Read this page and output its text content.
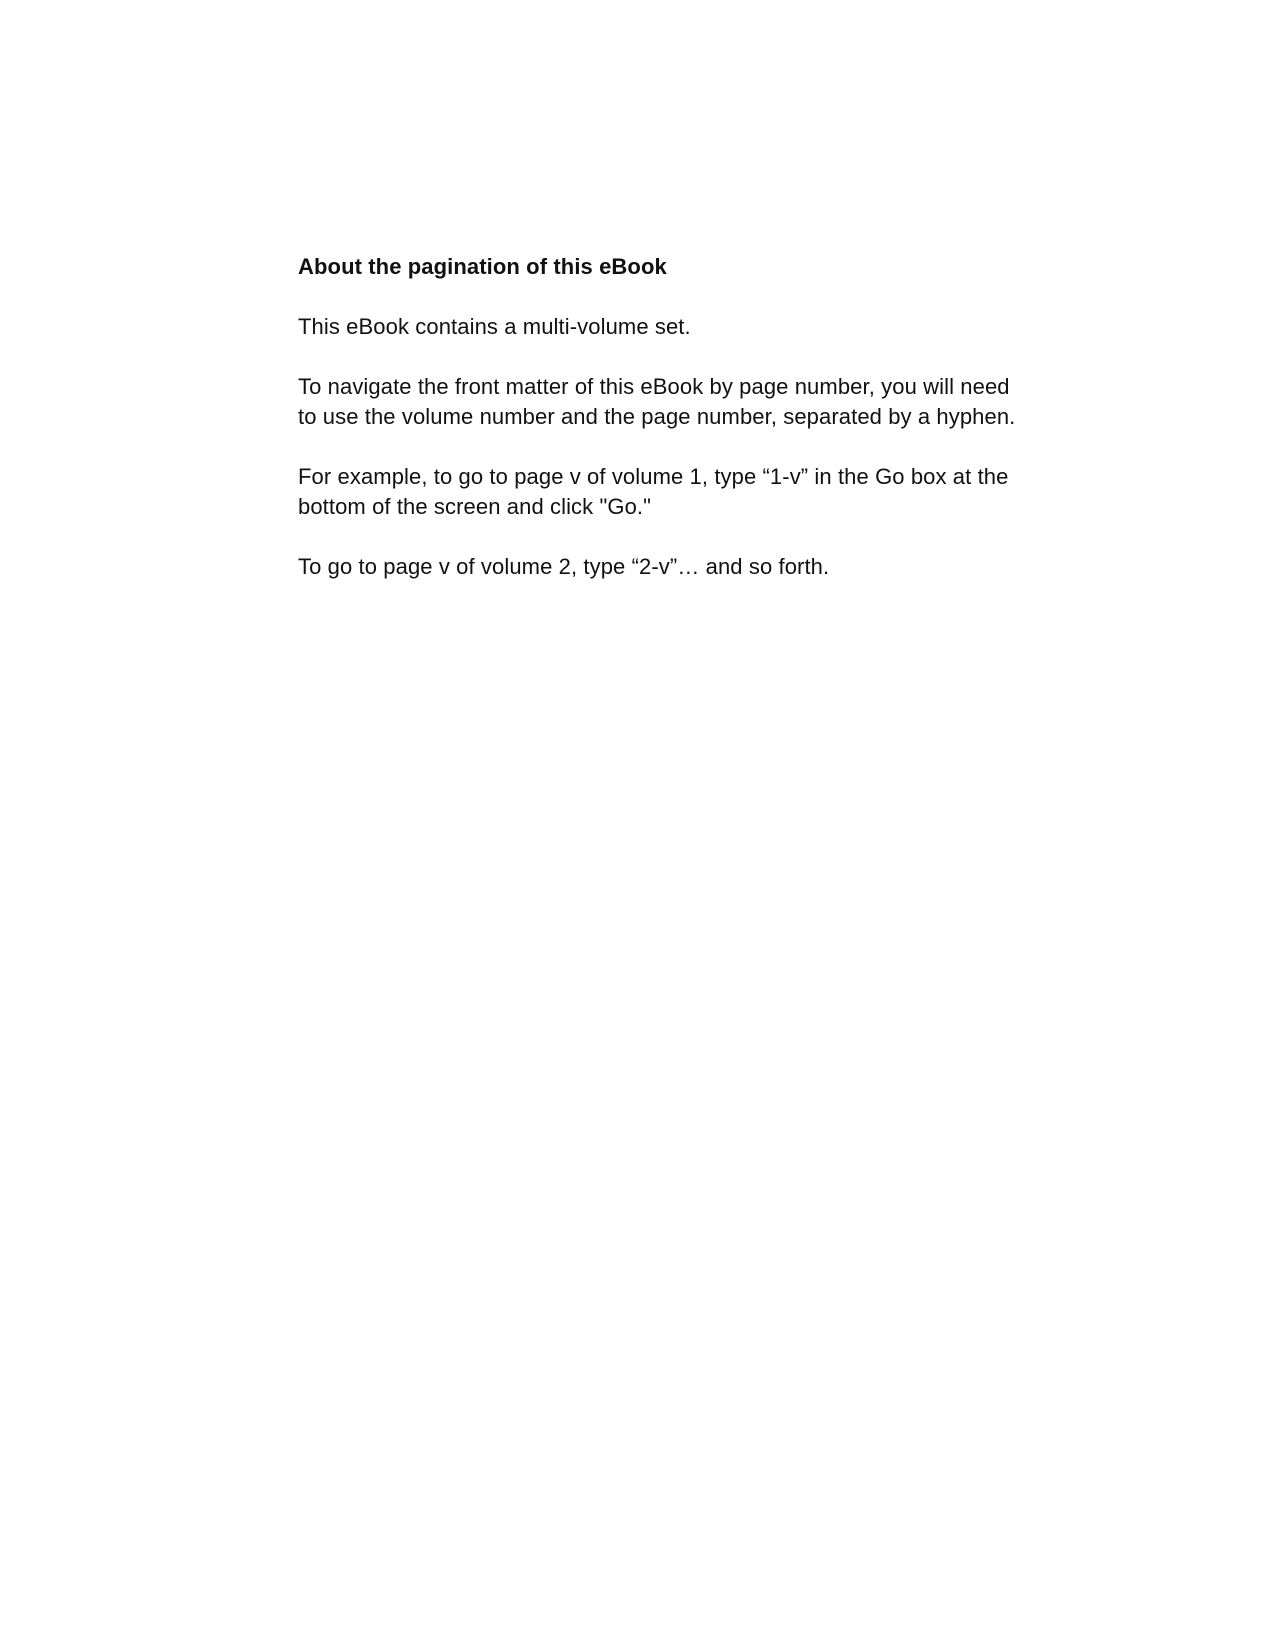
About the pagination of this eBook
This eBook contains a multi-volume set.
To navigate the front matter of this eBook by page number, you will need to use the volume number and the page number, separated by a hyphen.
For example, to go to page v of volume 1, type “1-v” in the Go box at the bottom of the screen and click "Go."
To go to page v of volume 2, type “2-v”… and so forth.
